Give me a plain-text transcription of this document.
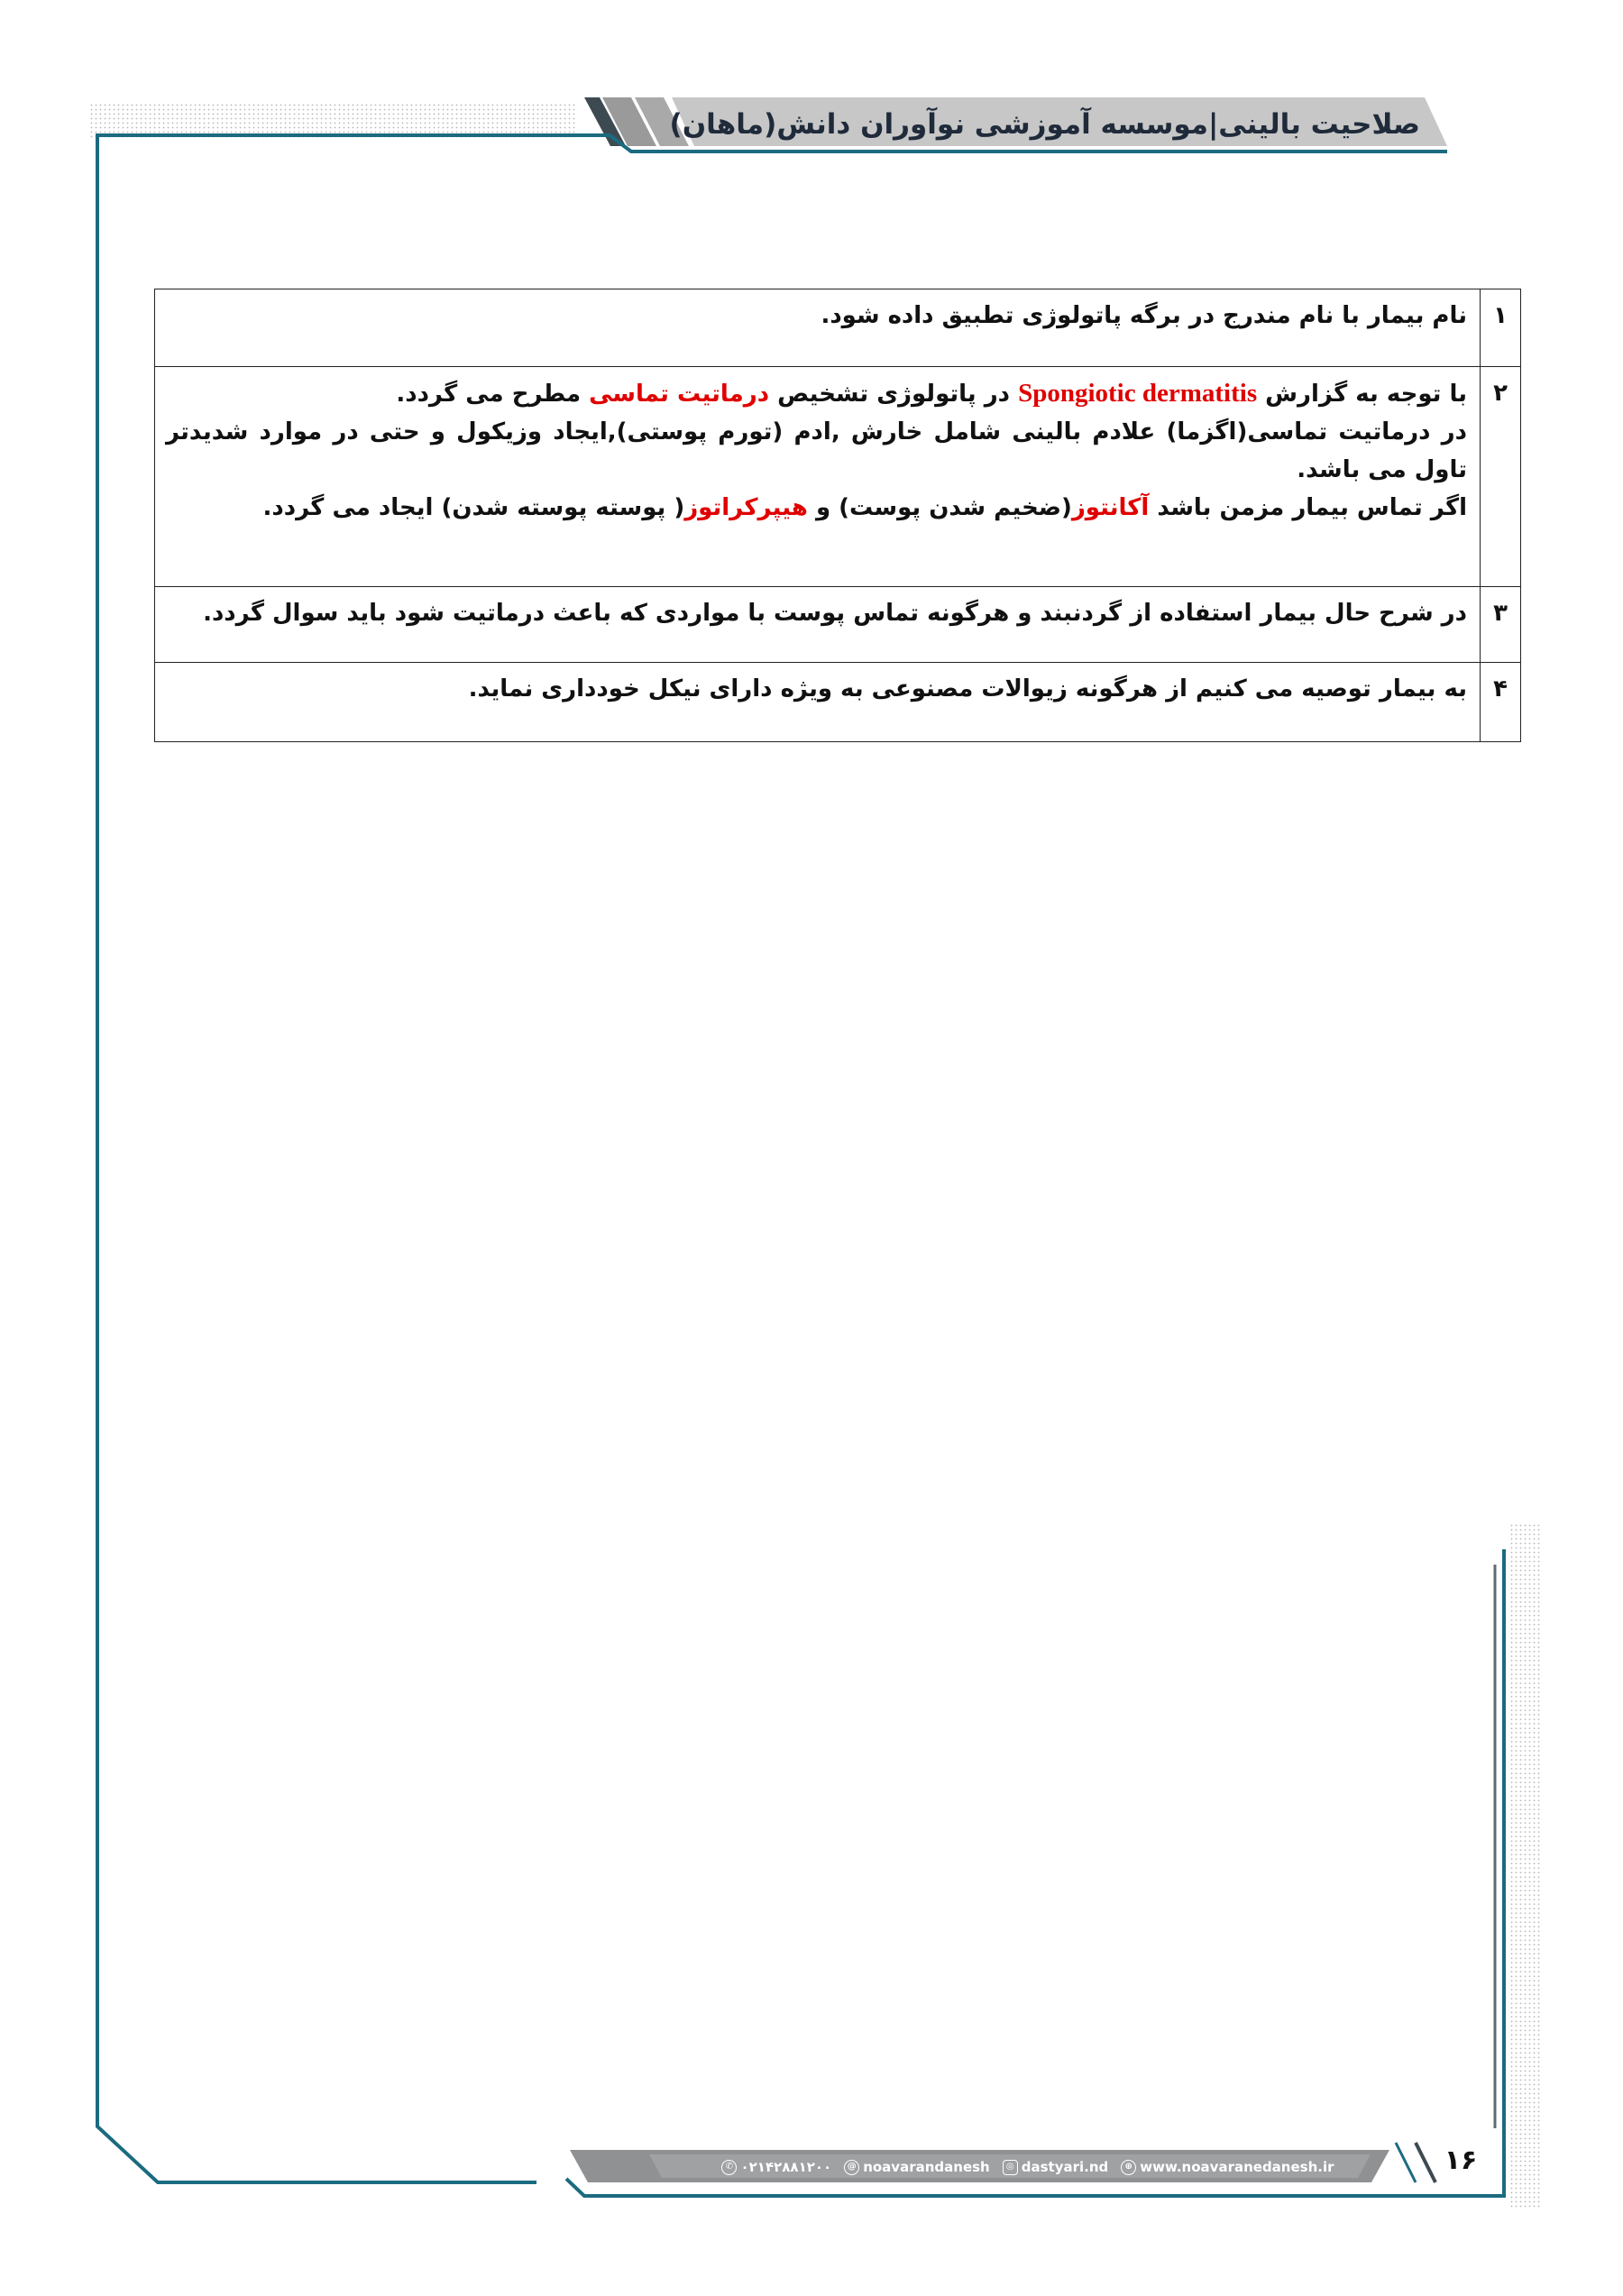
صلاحیت بالینی|موسسه آموزشی نوآوران دانش(ماهان)
۱	نام بیمار با نام مندرج در برگه پاتولوژی تطبیق داده شود.

۲	با توجه به گزارش Spongiotic dermatitis در پاتولوژی تشخیص درماتیت تماسی مطرح می گردد.

در درماتیت تماسی(اگزما) علادم بالینی شامل خارش ,ادم (تورم پوستی),ایجاد وزیکول و حتی در موارد شدیدتر تاول می باشد.

اگر تماس بیمار مزمن باشد آکانتوز(ضخیم شدن پوست) و هیپرکراتوز( پوسته پوسته شدن) ایجاد می گردد.

۳	در شرح حال بیمار استفاده از گردنبند و هرگونه تماس پوست با مواردی که باعث درماتیت شود باید سوال گردد.

۴	به بیمار توصیه می کنیم از هرگونه زیوالات مصنوعی به ویژه دارای نیکل خودداری نماید.

✆ ۰۲۱۴۲۸۸۱۲۰۰	@ noavarandanesh	◎ dastyari.nd	⊕ www.noavaranedanesh.ir	۱۶
